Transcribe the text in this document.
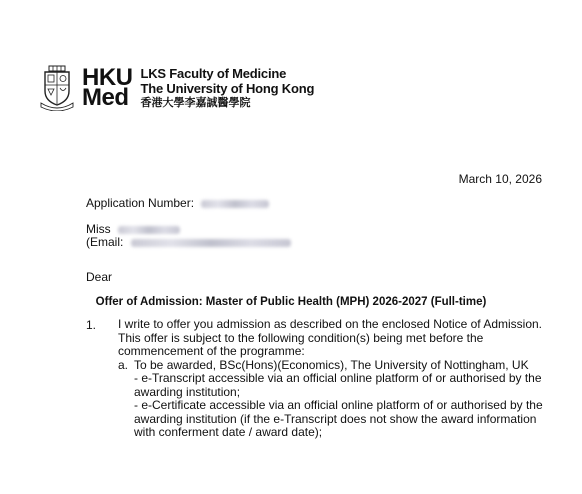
HKU
Med
LKS Faculty of Medicine
The University of Hong Kong
香港大學李嘉誠醫學院
March 10, 2026
Application Number:
Miss
(Email:
Dear
Offer of Admission: Master of Public Health (MPH) 2026-2027 (Full-time)
1. I write to offer you admission as described on the enclosed Notice of Admission. This offer is subject to the following condition(s) being met before the commencement of the programme:
a. To be awarded, BSc(Hons)(Economics), The University of Nottingham, UK
- e-Transcript accessible via an official online platform of or authorised by the awarding institution;
- e-Certificate accessible via an official online platform of or authorised by the awarding institution (if the e-Transcript does not show the award information with conferment date / award date);
